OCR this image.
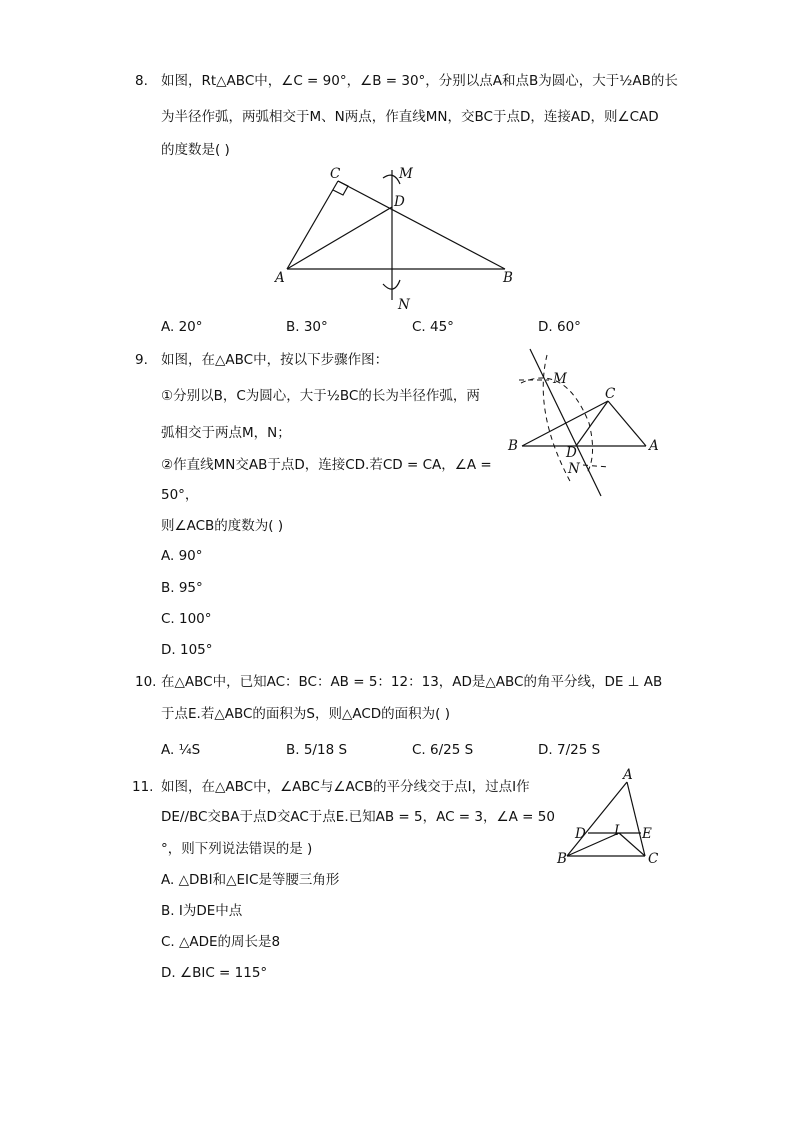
8. 如图，Rt△ABC中，∠C = 90°，∠B = 30°，分别以点A和点B为圆心，大于½AB的长
为半径作弧，两弧相交于M、N两点，作直线MN，交BC于点D，连接AD，则∠CAD
的度数是( )
C	M
D
A	B
N
A. 20°	B. 30°	C. 45°	D. 60°
9. 如图，在△ABC中，按以下步骤作图：
①分别以B，C为圆心，大于½BC的长为半径作弧，两
弧相交于两点M，N；
②作直线MN交AB于点D，连接CD.若CD = CA，∠A =
50°，
则∠ACB的度数为( )
M
C
B	D	A
N
A. 90°
B. 95°
C. 100°
D. 105°
10. 在△ABC中，已知AC：BC：AB = 5：12：13，AD是△ABC的角平分线，DE ⊥ AB
于点E.若△ABC的面积为S，则△ACD的面积为( )
A. ¼S	B. 5/18 S	C. 6/25 S	D. 7/25 S
11. 如图，在△ABC中，∠ABC与∠ACB的平分线交于点I，过点I作
DE//BC交BA于点D交AC于点E.已知AB = 5，AC = 3，∠A = 50
°，则下列说法错误的是 )
A
D I E
B	C
A. △DBI和△EIC是等腰三角形
B. I为DE中点
C. △ADE的周长是8
D. ∠BIC = 115°
